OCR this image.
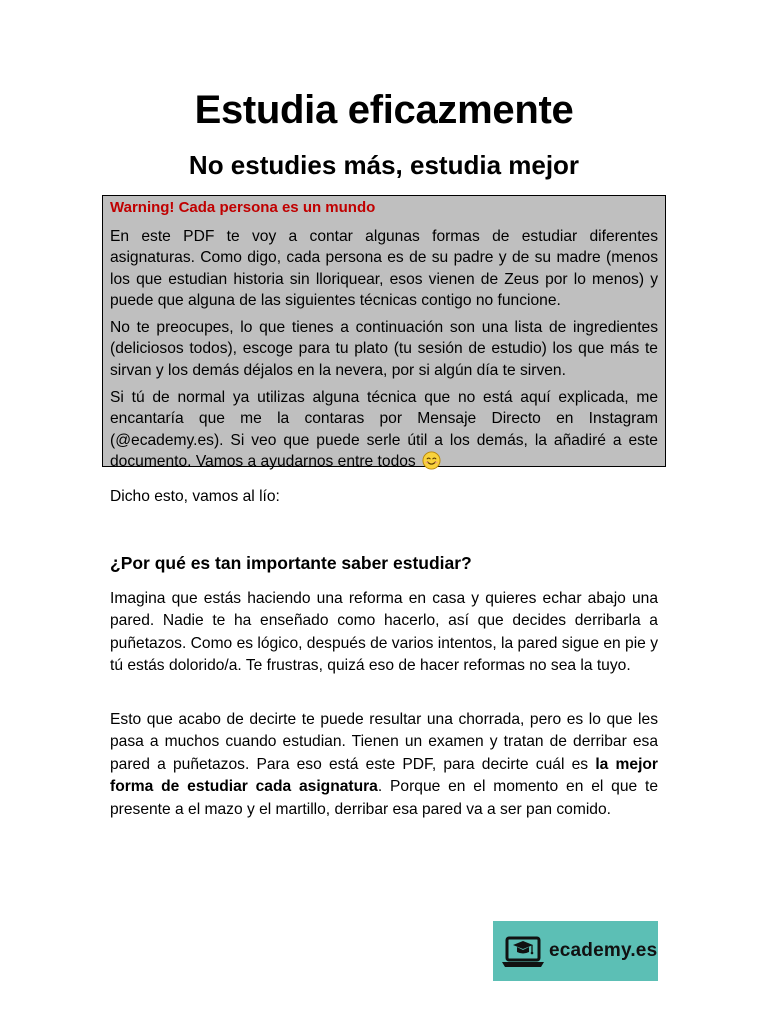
Estudia eficazmente
No estudies más, estudia mejor

Warning! Cada persona es un mundo

En este PDF te voy a contar algunas formas de estudiar diferentes asignaturas. Como digo, cada persona es de su padre y de su madre (menos los que estudian historia sin lloriquear, esos vienen de Zeus por lo menos) y puede que alguna de las siguientes técnicas contigo no funcione.

No te preocupes, lo que tienes a continuación son una lista de ingredientes (deliciosos todos), escoge para tu plato (tu sesión de estudio) los que más te sirvan y los demás déjalos en la nevera, por si algún día te sirven.

Si tú de normal ya utilizas alguna técnica que no está aquí explicada, me encantaría que me la contaras por Mensaje Directo en Instagram (@ecademy.es). Si veo que puede serle útil a los demás, la añadiré a este documento. Vamos a ayudarnos entre todos

Dicho esto, vamos al lío:

¿Por qué es tan importante saber estudiar?

Imagina que estás haciendo una reforma en casa y quieres echar abajo una pared. Nadie te ha enseñado como hacerlo, así que decides derribarla a puñetazos. Como es lógico, después de varios intentos, la pared sigue en pie y tú estás dolorido/a. Te frustras, quizá eso de hacer reformas no sea la tuyo.

Esto que acabo de decirte te puede resultar una chorrada, pero es lo que les pasa a muchos cuando estudian. Tienen un examen y tratan de derribar esa pared a puñetazos. Para eso está este PDF, para decirte cuál es la mejor forma de estudiar cada asignatura. Porque en el momento en el que te presente a el mazo y el martillo, derribar esa pared va a ser pan comido.

ecademy.es
